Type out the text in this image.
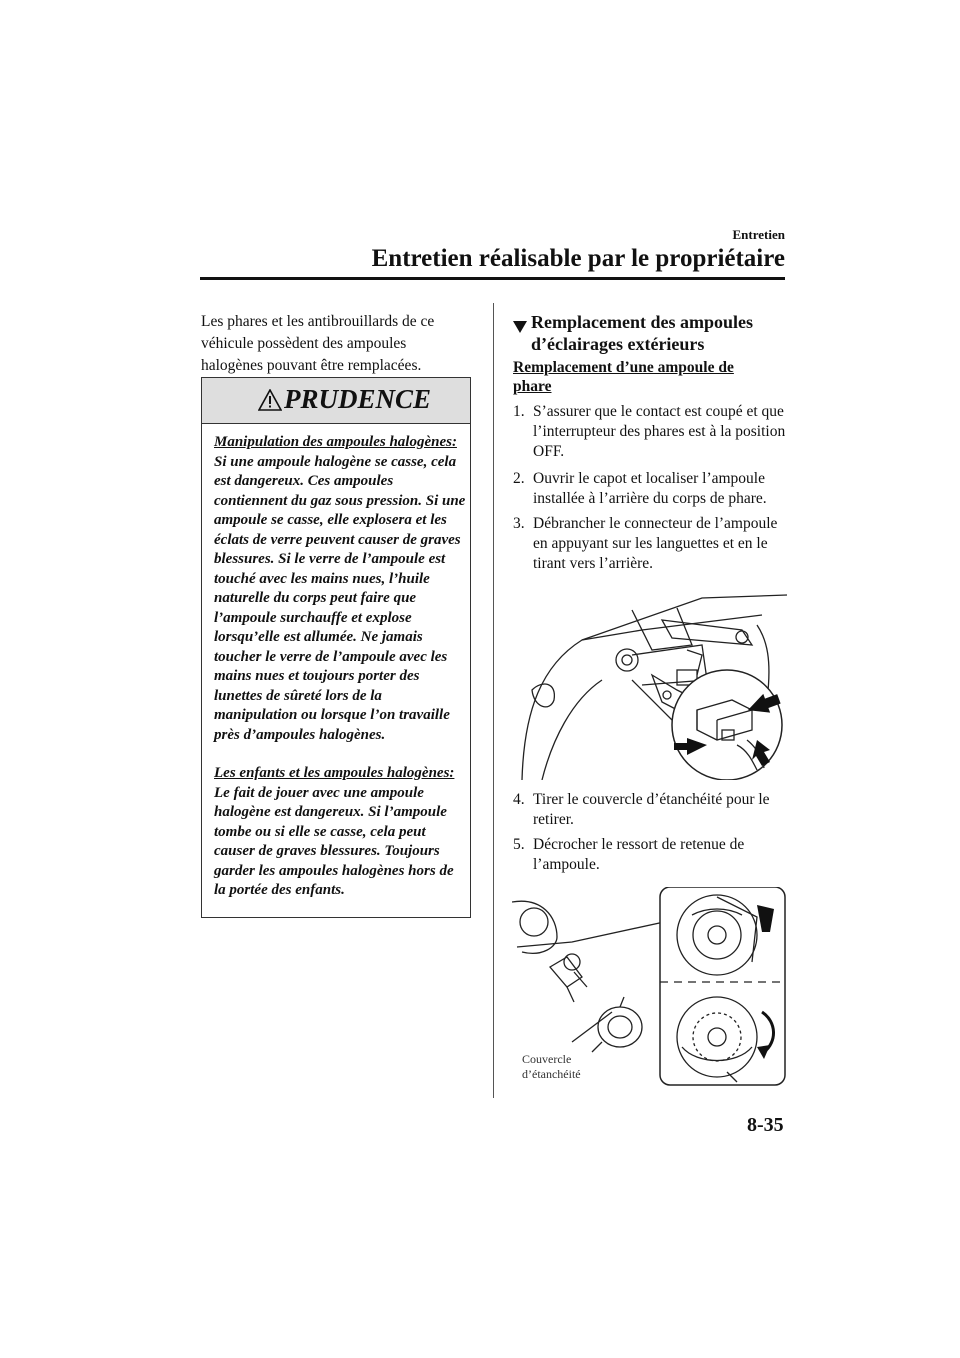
Entretien
Entretien réalisable par le propriétaire
Les phares et les antibrouillards de ce véhicule possèdent des ampoules halogènes pouvant être remplacées.
PRUDENCE
Manipulation des ampoules halogènes:
Si une ampoule halogène se casse, cela est dangereux. Ces ampoules contiennent du gaz sous pression. Si une ampoule se casse, elle explosera et les éclats de verre peuvent causer de graves blessures. Si le verre de l’ampoule est touché avec les mains nues, l’huile naturelle du corps peut faire que l’ampoule surchauffe et explose lorsqu’elle est allumée. Ne jamais toucher le verre de l’ampoule avec les mains nues et toujours porter des lunettes de sûreté lors de la manipulation ou lorsque l’on travaille près d’ampoules halogènes.
Les enfants et les ampoules halogènes:
Le fait de jouer avec une ampoule halogène est dangereux. Si l’ampoule tombe ou si elle se casse, cela peut causer de graves blessures. Toujours garder les ampoules halogènes hors de la portée des enfants.
Remplacement des ampoules d’éclairages extérieurs
Remplacement d’une ampoule de phare
1. S’assurer que le contact est coupé et que l’interrupteur des phares est à la position OFF.
2. Ouvrir le capot et localiser l’ampoule installée à l’arrière du corps de phare.
3. Débrancher le connecteur de l’ampoule en appuyant sur les languettes et en le tirant vers l’arrière.
4. Tirer le couvercle d’étanchéité pour le retirer.
5. Décrocher le ressort de retenue de l’ampoule.
Couvercle
d’étanchéité
8-35
